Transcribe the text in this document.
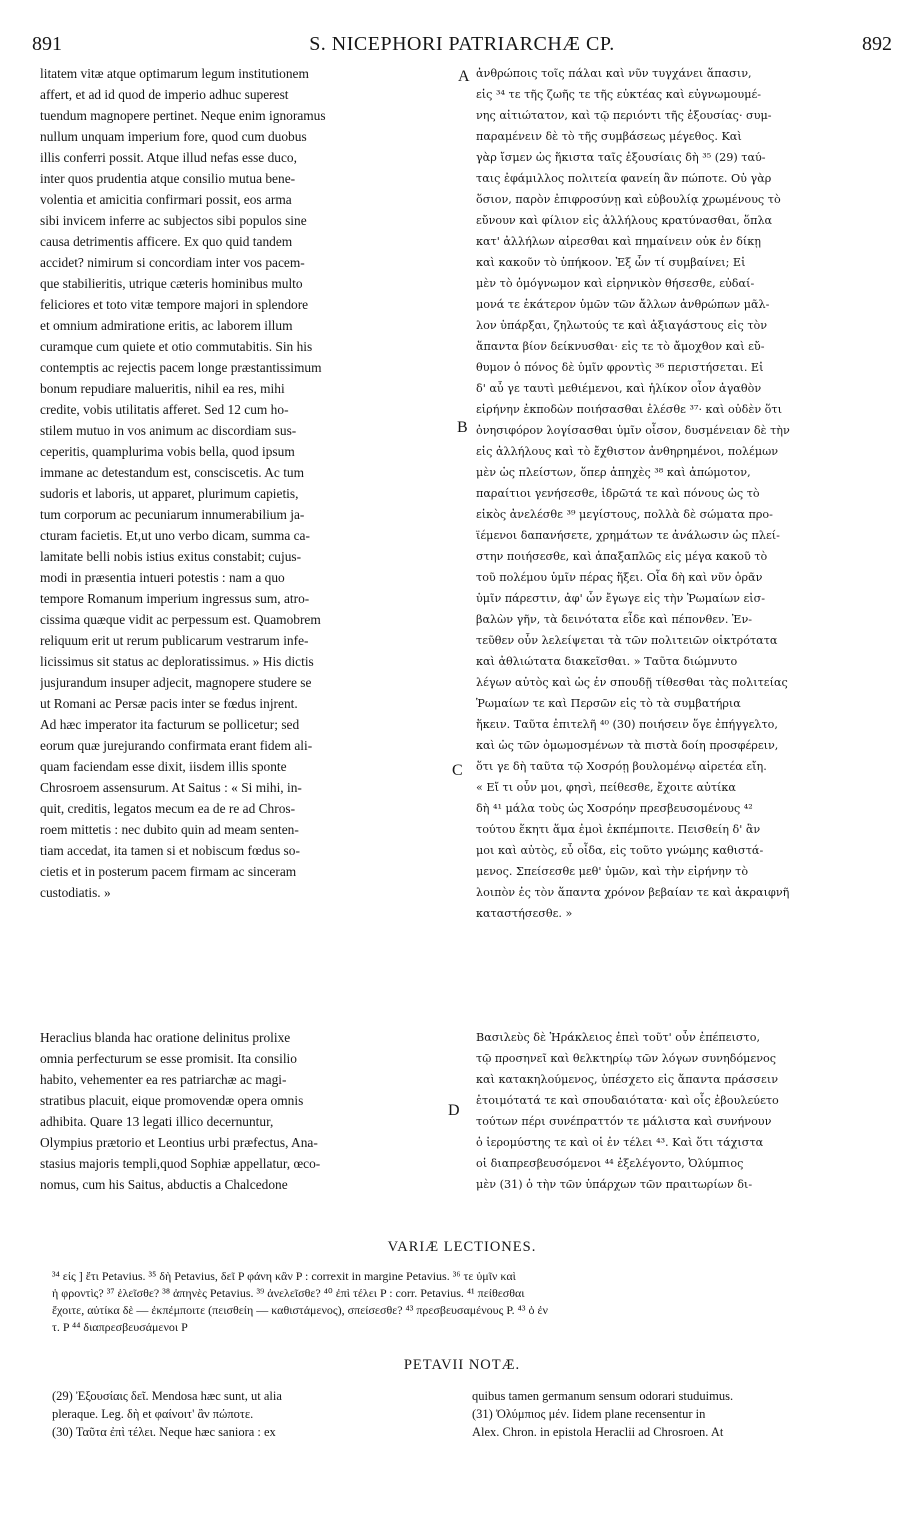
891	S. NICEPHORI PATRIARCHÆ CP.	892
A
B
C
D
litatem vitæ atque optimarum legum institutionem
affert, et ad id quod de imperio adhuc superest
tuendum magnopere pertinet. Neque enim ignoramus
nullum unquam imperium fore, quod cum duobus
illis conferri possit. Atque illud nefas esse duco,
inter quos prudentia atque consilio mutua bene-
volentia et amicitia confirmari possit, eos arma
sibi invicem inferre ac subjectos sibi populos sine
causa detrimentis afficere. Ex quo quid tandem
accidet? nimirum si concordiam inter vos pacem-
que stabilieritis, utrique cæteris hominibus multo
feliciores et toto vitæ tempore majori in splendore
et omnium admiratione eritis, ac laborem illum
curamque cum quiete et otio commutabitis. Sin his
contemptis ac rejectis pacem longe præstantissimum
bonum repudiare malueritis, nihil ea res, mihi
credite, vobis utilitatis afferet. Sed 12 cum ho-
stilem mutuo in vos animum ac discordiam sus-
ceperitis, quamplurima vobis bella, quod ipsum
immane ac detestandum est, consciscetis. Ac tum
sudoris et laboris, ut apparet, plurimum capietis,
tum corporum ac pecuniarum innumerabilium ja-
cturam facietis. Et,ut uno verbo dicam, summa ca-
lamitate belli nobis istius exitus constabit; cujus-
modi in præsentia intueri potestis : nam a quo
tempore Romanum imperium ingressus sum, atro-
cissima quæque vidit ac perpessum est. Quamobrem
reliquum erit ut rerum publicarum vestrarum infe-
licissimus sit status ac deploratissimus. » His dictis
jusjurandum insuper adjecit, magnopere studere se
ut Romani ac Persæ pacis inter se fœdus injrent.
Ad hæc imperator ita facturum se pollicetur; sed
eorum quæ jurejurando confirmata erant fidem ali-
quam faciendam esse dixit, iisdem illis sponte
Chrosroem assensurum. At Saitus : « Si mihi, in-
quit, creditis, legatos mecum ea de re ad Chros-
roem mittetis : nec dubito quin ad meam senten-
tiam accedat, ita tamen si et nobiscum fœdus so-
cietis et in posterum pacem firmam ac sinceram
custodiatis. »
Heraclius blanda hac oratione delinitus prolixe
omnia perfecturum se esse promisit. Ita consilio
habito, vehementer ea res patriarchæ ac magi-
stratibus placuit, eique promovendæ opera omnis
adhibita. Quare 13 legati illico decernuntur,
Olympius prætorio et Leontius urbi præfectus, Ana-
stasius majoris templi,quod Sophiæ appellatur, œco-
nomus, cum his Saitus, abductis a Chalcedone
ἀνθρώποις τοῖς πάλαι καὶ νῦν τυγχάνει ἅπασιν,
εἰς ³⁴ τε τῆς ζωῆς τε τῆς εὐκτέας καὶ εὐγνωμουμέ-
νης αἰτιώτατον, καὶ τῷ περιόντι τῆς ἐξουσίας· συμ-
παραμένειν δὲ τὸ τῆς συμβάσεως μέγεθος. Καὶ
γὰρ ἴσμεν ὡς ἥκιστα ταῖς ἐξουσίαις δὴ ³⁵ (29) ταύ-
ταις ἐφάμιλλος πολιτεία φανείη ἂν πώποτε. Οὐ γὰρ
ὅσιον, παρὸν ἐπιφροσύνῃ καὶ εὐβουλίᾳ χρωμένους τὸ
εὔνουν καὶ φίλιον εἰς ἀλλήλους κρατύνασθαι, ὅπλα
κατ' ἀλλήλων αἱρεσθαι καὶ πημαίνειν οὐκ ἐν δίκῃ
καὶ κακοῦν τὸ ὑπήκοον. Ἐξ ὧν τί συμβαίνει; Εἰ
μὲν τὸ ὁμόγνωμον καὶ εἰρηνικὸν θήσεσθε, εὐδαί-
μονά τε ἑκάτερον ὑμῶν τῶν ἄλλων ἀνθρώπων μᾶλ-
λον ὑπάρξαι, ζηλωτούς τε καὶ ἀξιαγάστους εἰς τὸν
ἅπαντα βίον δείκνυσθαι· εἰς τε τὸ ἄμοχθον καὶ εὔ-
θυμον ὁ πόνος δὲ ὑμῖν φροντὶς ³⁶ περιστήσεται. Εἰ
δ' αὖ γε ταυτὶ μεθιέμενοι, καὶ ἡλίκον οἷον ἀγαθὸν
εἰρήνην ἐκποδὼν ποιήσασθαι ἐλέσθε ³⁷· καὶ οὐδὲν ὅτι
ὀνησιφόρον λογίσασθαι ὑμῖν οἷσον, δυσμένειαν δὲ τὴν
εἰς ἀλλήλους καὶ τὸ ἔχθιστον ἀνθηρημένοι, πολέμων
μὲν ὡς πλείστων, ὅπερ ἀπηχὲς ³⁸ καὶ ἀπώμοτον,
παραίτιοι γενήσεσθε, ἱδρῶτά τε καὶ πόνους ὡς τὸ
εἰκὸς ἀνελέσθε ³⁹ μεγίστους, πολλὰ δὲ σώματα προ-
ϊέμενοι δαπανήσετε, χρημάτων τε ἀνάλωσιν ὡς πλεί-
στην ποιήσεσθε, καὶ ἁπαξαπλῶς εἰς μέγα κακοῦ τὸ
τοῦ πολέμου ὑμῖν πέρας ἥξει. Οἷα δὴ καὶ νῦν ὁρᾶν
ὑμῖν πάρεστιν, ἀφ' ὧν ἔγωγε εἰς τὴν Ῥωμαίων εἰσ-
βαλὼν γῆν, τὰ δεινότατα εἶδε καὶ πέπονθεν. Ἐν-
τεῦθεν οὖν λελείψεται τὰ τῶν πολιτειῶν οἰκτρότατα
καὶ ἀθλιώτατα διακεῖσθαι. » Ταῦτα διώμνυτο
λέγων αὐτὸς καὶ ὡς ἐν σπουδῇ τίθεσθαι τὰς πολιτείας
Ῥωμαίων τε καὶ Περσῶν εἰς τὸ τὰ συμβατήρια
ἥκειν. Ταῦτα ἐπιτελῆ ⁴⁰ (30) ποιήσειν ὅγε ἐπήγγελτο,
καὶ ὡς τῶν ὀμωμοσμένων τὰ πιστὰ δοίη προσφέρειν,
ὅτι γε δὴ ταῦτα τῷ Χοσρόῃ βουλομένῳ αἱρετέα εἴη.
« Εἴ τι οὖν μοι, φησὶ, πείθεσθε, ἔχοιτε αὐτίκα
δὴ ⁴¹ μάλα τοὺς ὡς Χοσρόην πρεσβευσομένους ⁴²
τούτου ἕκητι ἅμα ἐμοὶ ἐκπέμποιτε. Πεισθείη δ' ἂν
μοι καὶ αὐτὸς, εὖ οἶδα, εἰς τοῦτο γνώμης καθιστά-
μενος. Σπείσεσθε μεθ' ὑμῶν, καὶ τὴν εἰρήνην τὸ
λοιπὸν ἐς τὸν ἅπαντα χρόνον βεβαίαν τε καὶ ἀκραιφνῆ
καταστήσεσθε. »
Βασιλεὺς δὲ Ἡράκλειος ἐπεὶ τοῦτ' οὖν ἐπέπειστο,
τῷ προσηνεῖ καὶ θελκτηρίῳ τῶν λόγων συνηδόμενος
καὶ κατακηλούμενος, ὑπέσχετο εἰς ἅπαντα πράσσειν
ἑτοιμότατά τε καὶ σπουδαιότατα· καὶ οἷς ἐβουλεύετο
τούτων πέρι συνέπραττόν τε μάλιστα καὶ συνήνουν
ὁ ἱερομύστης τε καὶ οἱ ἐν τέλει ⁴³. Καὶ ὅτι τάχιστα
οἱ διαπρεσβευσόμενοι ⁴⁴ ἐξελέγοντο, Ὀλύμπιος
μὲν (31) ὁ τὴν τῶν ὑπάρχων τῶν πραιτωρίων δι-
VARIÆ LECTIONES.
³⁴ εἰς ] ἔτι Petavius. ³⁵ δὴ Petavius, δεῖ P φάνη κἂν P : correxit in margine Petavius. ³⁶ τε ὑμῖν καὶ
ἡ φροντὶς? ³⁷ ἑλεῖσθε? ³⁸ ἀπηνὲς Petavius. ³⁹ ἀνελεῖσθε? ⁴⁰ ἐπὶ τέλει P : corr. Petavius. ⁴¹ πείθεσθαι
ἔχοιτε, αὐτίκα δὲ — ἐκπέμποιτε (πεισθείη — καθιστάμενος), σπείσεσθε? ⁴³ πρεσβευσαμένους P. ⁴³ ὁ ἐν
τ. P ⁴⁴ διαπρεσβευσάμενοι P
PETAVII NOTÆ.
(29) Ἐξουσίαις δεῖ. Mendosa hæc sunt, ut alia
pleraque. Leg. δὴ et φαίνοιτ' ἂν πώποτε.
(30) Ταῦτα ἐπὶ τέλει. Neque hæc saniora : ex
quibus tamen germanum sensum odorari studuimus.
(31) Ὀλύμπιος μέν. Iidem plane recensentur in
Alex. Chron. in epistola Heraclii ad Chrosroen. At
